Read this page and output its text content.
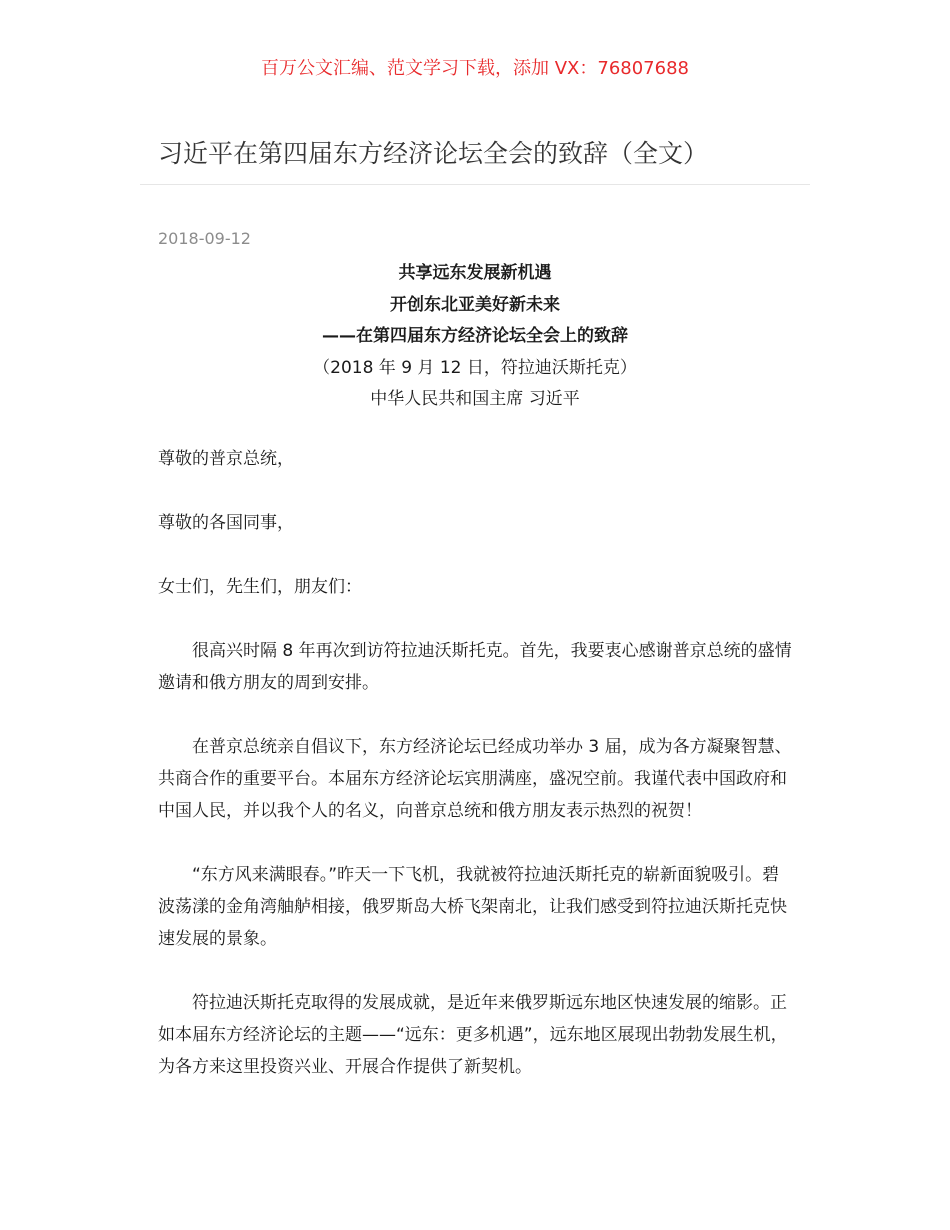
百万公文汇编、范文学习下载，添加 VX：76807688
习近平在第四届东方经济论坛全会的致辞（全文）
2018-09-12
共享远东发展新机遇
开创东北亚美好新未来
——在第四届东方经济论坛全会上的致辞
（2018 年 9 月 12 日，符拉迪沃斯托克）
中华人民共和国主席 习近平

尊敬的普京总统，

尊敬的各国同事，

女士们，先生们，朋友们：

很高兴时隔 8 年再次到访符拉迪沃斯托克。首先，我要衷心感谢普京总统的盛情邀请和俄方朋友的周到安排。

在普京总统亲自倡议下，东方经济论坛已经成功举办 3 届，成为各方凝聚智慧、共商合作的重要平台。本届东方经济论坛宾朋满座，盛况空前。我谨代表中国政府和中国人民，并以我个人的名义，向普京总统和俄方朋友表示热烈的祝贺！

“东方风来满眼春。”昨天一下飞机，我就被符拉迪沃斯托克的崭新面貌吸引。碧波荡漾的金角湾舳舻相接，俄罗斯岛大桥飞架南北，让我们感受到符拉迪沃斯托克快速发展的景象。

符拉迪沃斯托克取得的发展成就，是近年来俄罗斯远东地区快速发展的缩影。正如本届东方经济论坛的主题——“远东：更多机遇”，远东地区展现出勃勃发展生机，为各方来这里投资兴业、开展合作提供了新契机。
